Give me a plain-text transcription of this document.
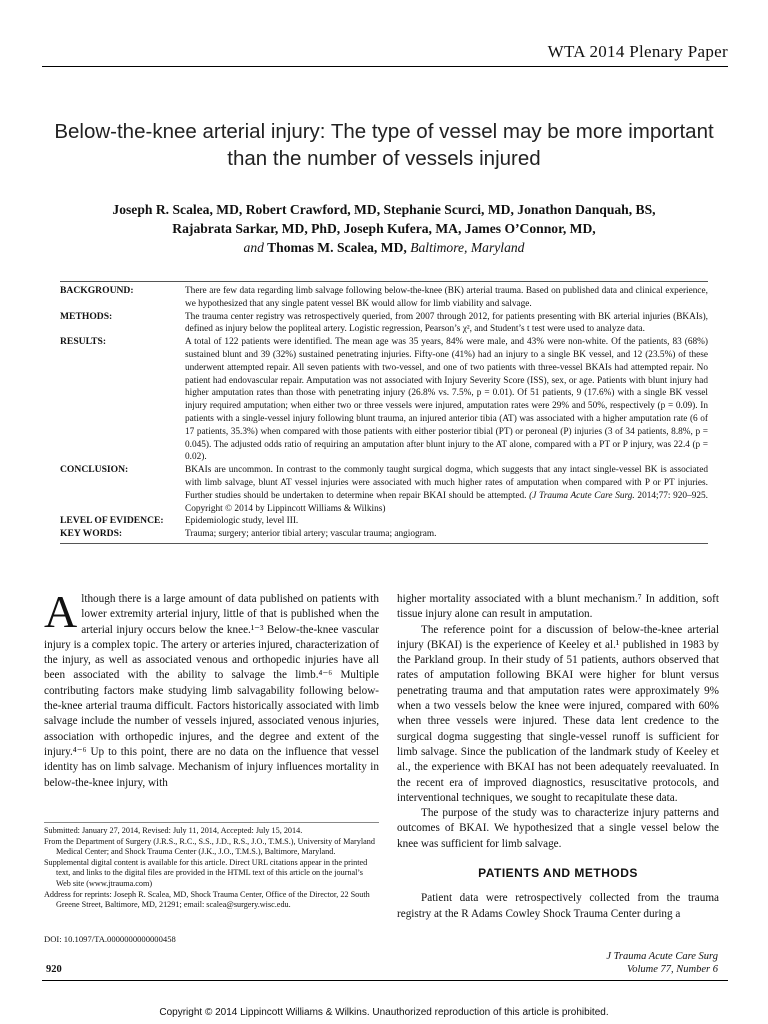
WTA 2014 Plenary Paper
Below-the-knee arterial injury: The type of vessel may be more important than the number of vessels injured
Joseph R. Scalea, MD, Robert Crawford, MD, Stephanie Scurci, MD, Jonathon Danquah, BS,
Rajabrata Sarkar, MD, PhD, Joseph Kufera, MA, James O’Connor, MD,
and Thomas M. Scalea, MD, Baltimore, Maryland
BACKGROUND:	There are few data regarding limb salvage following below-the-knee (BK) arterial trauma. Based on published data and clinical experience, we hypothesized that any single patent vessel BK would allow for limb viability and salvage.
METHODS:	The trauma center registry was retrospectively queried, from 2007 through 2012, for patients presenting with BK arterial injuries (BKAIs), defined as injury below the popliteal artery. Logistic regression, Pearson’s χ², and Student’s t test were used to analyze data.
RESULTS:	A total of 122 patients were identified. The mean age was 35 years, 84% were male, and 43% were non-white. Of the patients, 83 (68%) sustained blunt and 39 (32%) sustained penetrating injuries. Fifty-one (41%) had an injury to a single BK vessel, and 12 (23.5%) of these underwent attempted repair. All seven patients with two-vessel, and one of two patients with three-vessel BKAIs had attempted repair. No patient had endovascular repair. Amputation was not associated with Injury Severity Score (ISS), sex, or age. Patients with blunt injury had higher amputation rates than those with penetrating injury (26.8% vs. 7.5%, p = 0.01). Of 51 patients, 9 (17.6%) with a single BK vessel injury required amputation; when either two or three vessels were injured, amputation rates were 29% and 50%, respectively (p = 0.09). In patients with a single-vessel injury following blunt trauma, an injured anterior tibia (AT) was associated with a higher amputation rate (6 of 17 patients, 35.3%) when compared with those patients with either posterior tibial (PT) or peroneal (P) injuries (3 of 34 patients, 8.8%, p = 0.045). The adjusted odds ratio of requiring an amputation after blunt injury to the AT alone, compared with a PT or P injury, was 22.4 (p = 0.02).
CONCLUSION:	BKAIs are uncommon. In contrast to the commonly taught surgical dogma, which suggests that any intact single-vessel BK is associated with limb salvage, blunt AT vessel injuries were associated with much higher rates of amputation when compared with P or PT injuries. Further studies should be undertaken to determine when repair BKAI should be attempted. (J Trauma Acute Care Surg. 2014;77: 920–925. Copyright © 2014 by Lippincott Williams & Wilkins)
LEVEL OF EVIDENCE:	Epidemiologic study, level III.
KEY WORDS:	Trauma; surgery; anterior tibial artery; vascular trauma; angiogram.
Although there is a large amount of data published on patients with lower extremity arterial injury, little of that is published when the arterial injury occurs below the knee.¹⁻³ Below-the-knee vascular injury is a complex topic. The artery or arteries injured, characterization of the injury, as well as associated venous and orthopedic injuries have all been associated with the ability to salvage the limb.⁴⁻⁶ Multiple contributing factors make studying limb salvagability following below-the-knee arterial trauma difficult. Factors historically associated with limb salvage include the number of vessels injured, associated venous injuries, association with orthopedic injures, and the degree and extent of the injury.⁴⁻⁶ Up to this point, there are no data on the influence that vessel identity has on limb salvage. Mechanism of injury influences mortality in below-the-knee injury, with

higher mortality associated with a blunt mechanism.⁷ In addition, soft tissue injury alone can result in amputation.

The reference point for a discussion of below-the-knee arterial injury (BKAI) is the experience of Keeley et al.¹ published in 1983 by the Parkland group. In their study of 51 patients, authors observed that rates of amputation following BKAI were higher for blunt versus penetrating trauma and that amputation rates were approximately 9% when a two vessels below the knee were injured, compared with 60% when three vessels were injured. These data lent credence to the surgical dogma suggesting that single-vessel runoff is sufficient for limb salvage. Since the publication of the landmark study of Keeley et al., the experience with BKAI has not been adequately reevaluated. In the recent era of improved diagnostics, resuscitative protocols, and interventional techniques, we sought to recapitulate these data.

The purpose of the study was to characterize injury patterns and outcomes of BKAI. We hypothesized that a single vessel below the knee was sufficient for limb salvage.

PATIENTS AND METHODS

Patient data were retrospectively collected from the trauma registry at the R Adams Cowley Shock Trauma Center during a

Submitted: January 27, 2014, Revised: July 11, 2014, Accepted: July 15, 2014.

From the Department of Surgery (J.R.S., R.C., S.S., J.D., R.S., J.O., T.M.S.), University of Maryland Medical Center; and Shock Trauma Center (J.K., J.O., T.M.S.), Baltimore, Maryland.

Supplemental digital content is available for this article. Direct URL citations appear in the printed text, and links to the digital files are provided in the HTML text of this article on the journal’s Web site (www.jtrauma.com)

Address for reprints: Joseph R. Scalea, MD, Shock Trauma Center, Office of the Director, 22 South Greene Street, Baltimore, MD, 21291; email: scalea@surgery.wisc.edu.

DOI: 10.1097/TA.0000000000000458
920
J Trauma Acute Care Surg
Volume 77, Number 6
Copyright © 2014 Lippincott Williams & Wilkins. Unauthorized reproduction of this article is prohibited.
